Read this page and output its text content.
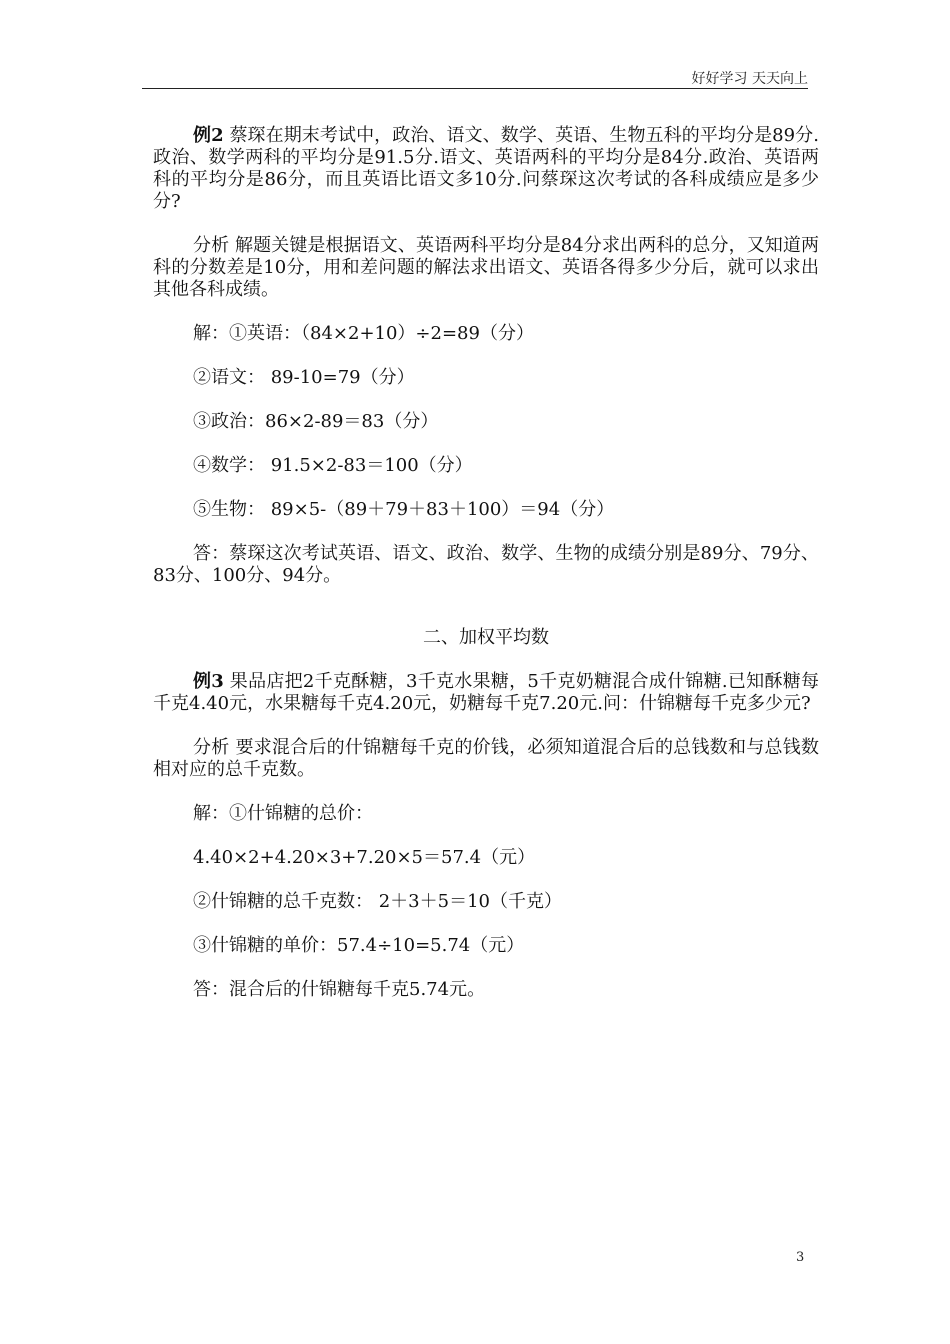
好好学习 天天向上

例2 蔡琛在期末考试中，政治、语文、数学、英语、生物五科的平均分是89分.政治、数学两科的平均分是91.5分.语文、英语两科的平均分是84分.政治、英语两科的平均分是86分，而且英语比语文多10分.问蔡琛这次考试的各科成绩应是多少分?

分析 解题关键是根据语文、英语两科平均分是84分求出两科的总分，又知道两科的分数差是10分，用和差问题的解法求出语文、英语各得多少分后，就可以求出其他各科成绩。

解：①英语：（84×2+10）÷2=89（分）

②语文： 89-10=79（分）

③政治：86×2-89＝83（分）

④数学： 91.5×2-83＝100（分）

⑤生物： 89×5-（89＋79＋83＋100）＝94（分）

答：蔡琛这次考试英语、语文、政治、数学、生物的成绩分别是89分、79分、83分、100分、94分。

二、加权平均数

例3 果品店把2千克酥糖，3千克水果糖，5千克奶糖混合成什锦糖.已知酥糖每千克4.40元，水果糖每千克4.20元，奶糖每千克7.20元.问：什锦糖每千克多少元?

分析 要求混合后的什锦糖每千克的价钱，必须知道混合后的总钱数和与总钱数相对应的总千克数。

解：①什锦糖的总价：

4.40×2+4.20×3+7.20×5＝57.4（元）

②什锦糖的总千克数： 2＋3＋5＝10（千克）

③什锦糖的单价：57.4÷10=5.74（元）

答：混合后的什锦糖每千克5.74元。

3
